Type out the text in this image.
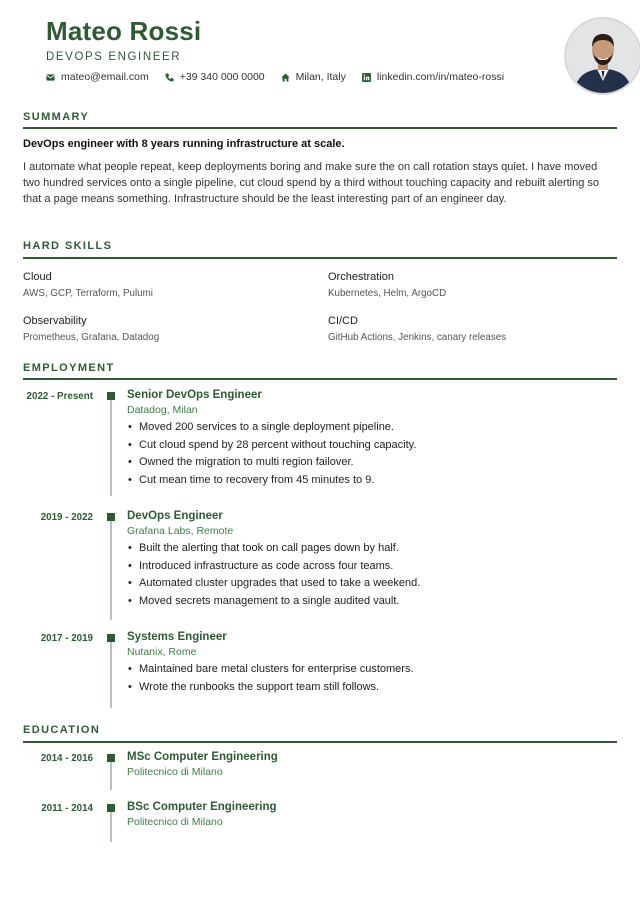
Mateo Rossi
DEVOPS ENGINEER
mateo@email.com	+39 340 000 0000	Milan, Italy	linkedin.com/in/mateo-rossi
SUMMARY
DevOps engineer with 8 years running infrastructure at scale.
I automate what people repeat, keep deployments boring and make sure the on call rotation stays quiet. I have moved two hundred services onto a single pipeline, cut cloud spend by a third without touching capacity and rebuilt alerting so that a page means something. Infrastructure should be the least interesting part of an engineer day.
HARD SKILLS
Cloud
AWS, GCP, Terraform, Pulumi
Orchestration
Kubernetes, Helm, ArgoCD
Observability
Prometheus, Grafana, Datadog
CI/CD
GitHub Actions, Jenkins, canary releases
EMPLOYMENT
2022 - Present	Senior DevOps Engineer
Datadog, Milan
• Moved 200 services to a single deployment pipeline.
• Cut cloud spend by 28 percent without touching capacity.
• Owned the migration to multi region failover.
• Cut mean time to recovery from 45 minutes to 9.
2019 - 2022	DevOps Engineer
Grafana Labs, Remote
• Built the alerting that took on call pages down by half.
• Introduced infrastructure as code across four teams.
• Automated cluster upgrades that used to take a weekend.
• Moved secrets management to a single audited vault.
2017 - 2019	Systems Engineer
Nutanix, Rome
• Maintained bare metal clusters for enterprise customers.
• Wrote the runbooks the support team still follows.
EDUCATION
2014 - 2016	MSc Computer Engineering
Politecnico di Milano
2011 - 2014	BSc Computer Engineering
Politecnico di Milano
